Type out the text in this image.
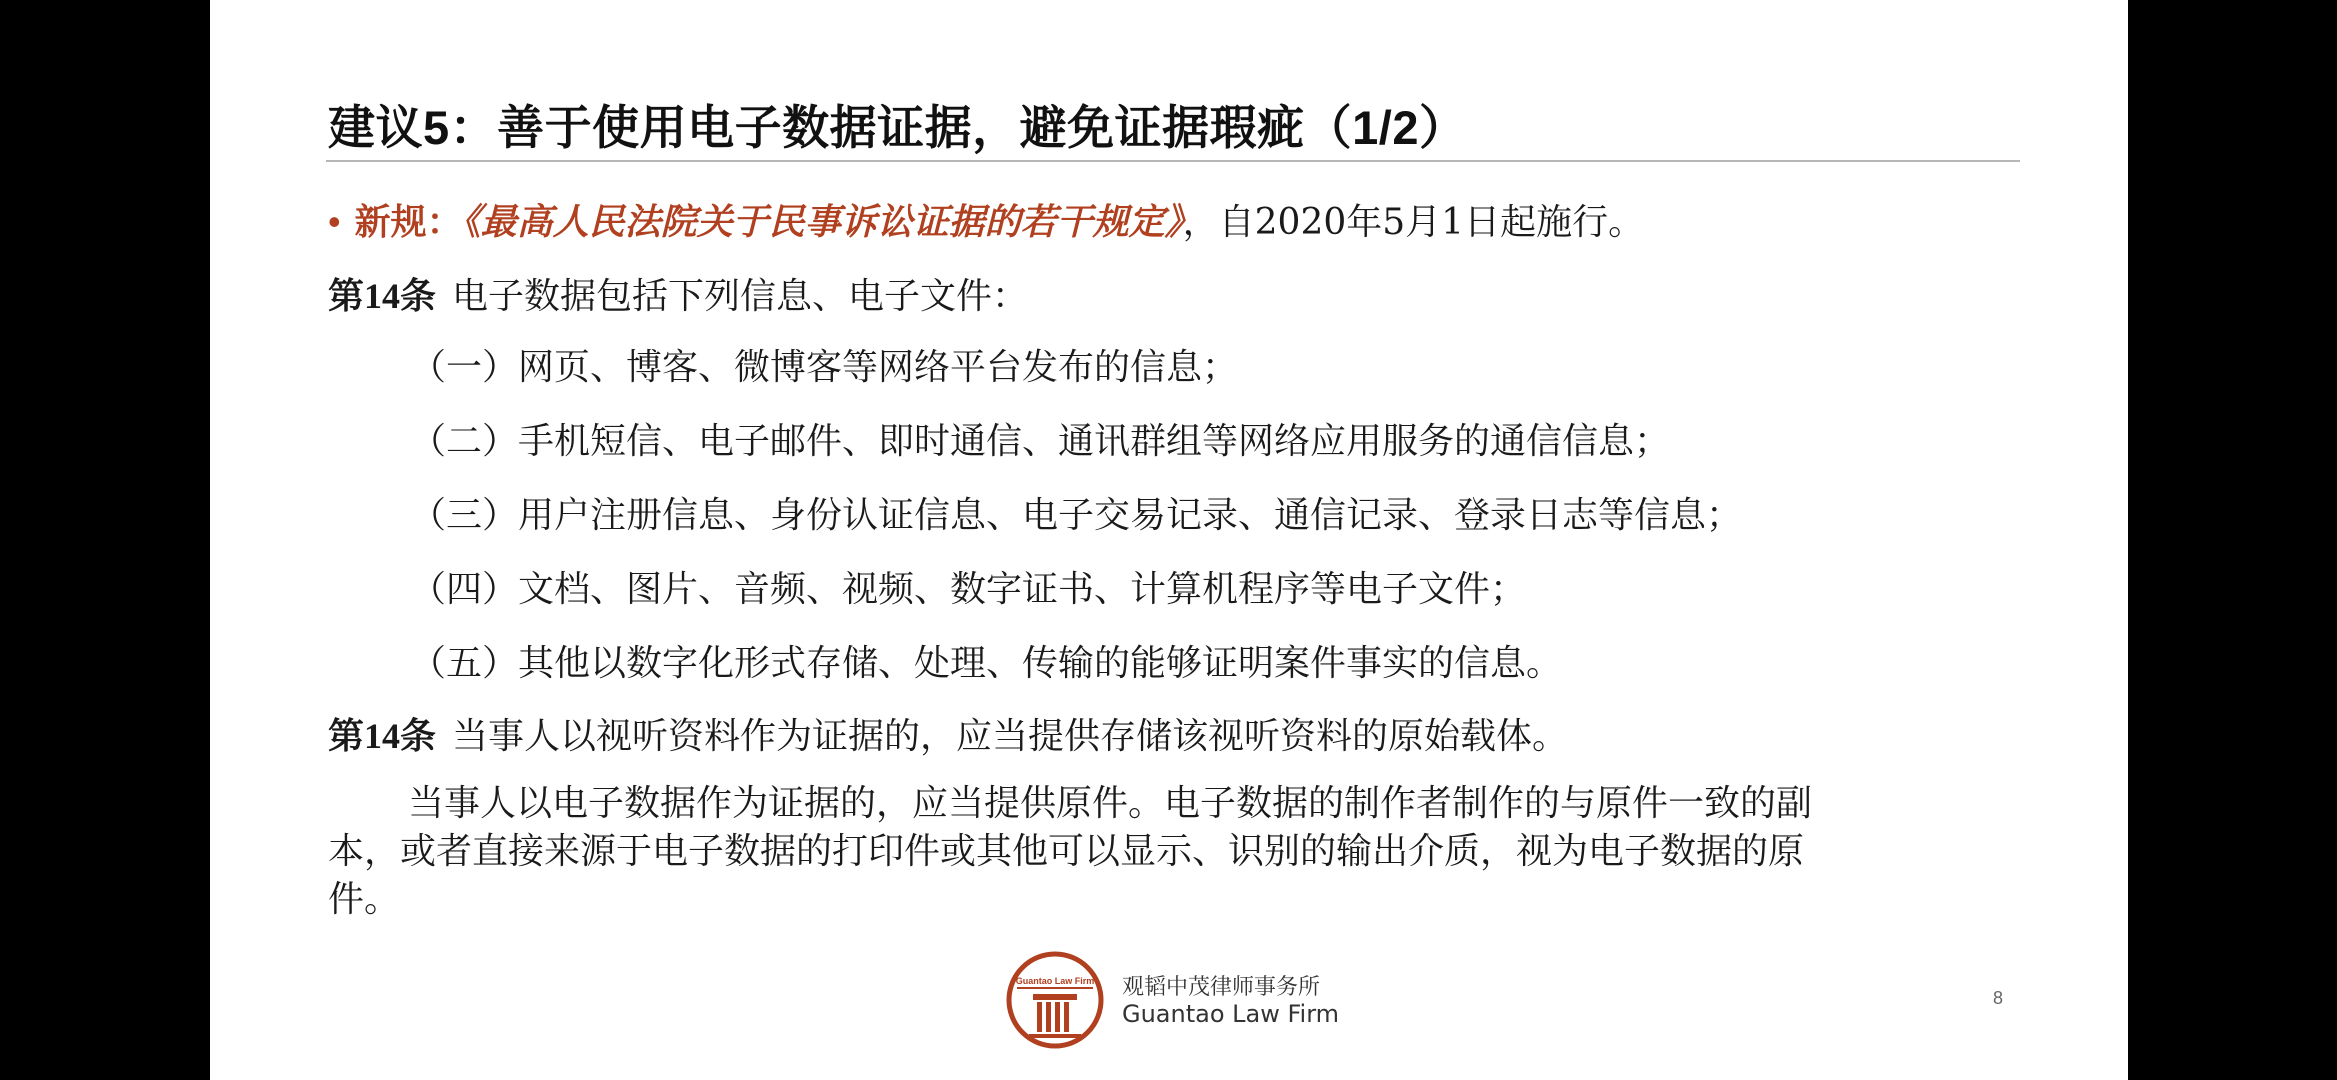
建议5：善于使用电子数据证据，避免证据瑕疵（1/2）
• 新规：《最高人民法院关于民事诉讼证据的若干规定》，自2020年5月1日起施行。
第14条 电子数据包括下列信息、电子文件：
（一）网页、博客、微博客等网络平台发布的信息；
（二）手机短信、电子邮件、即时通信、通讯群组等网络应用服务的通信信息；
（三）用户注册信息、身份认证信息、电子交易记录、通信记录、登录日志等信息；
（四）文档、图片、音频、视频、数字证书、计算机程序等电子文件；
（五）其他以数字化形式存储、处理、传输的能够证明案件事实的信息。
第14条 当事人以视听资料作为证据的，应当提供存储该视听资料的原始载体。
当事人以电子数据作为证据的，应当提供原件。电子数据的制作者制作的与原件一致的副
本，或者直接来源于电子数据的打印件或其他可以显示、识别的输出介质，视为电子数据的原
件。
Guantao Law Firm 观韬中茂律师事务所
Guantao Law Firm
8
